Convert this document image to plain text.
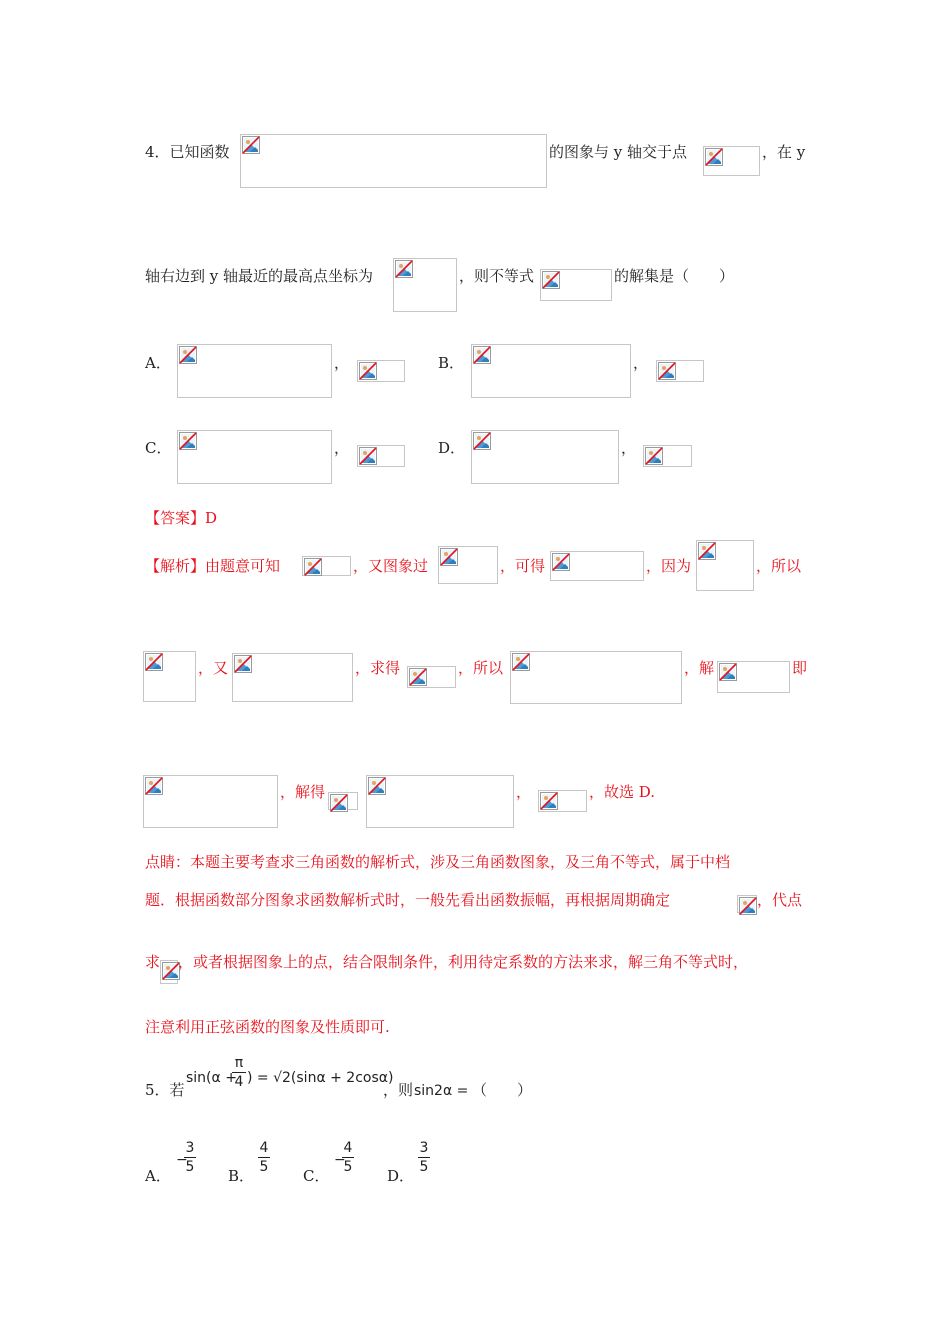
4．已知函数	的图象与 y 轴交于点	，在 y
轴右边到 y 轴最近的最高点坐标为	，则不等式	的解集是（　　）
A．	，	B．	，
C．	，	D．	，
【答案】D
【解析】由题意可知	，又图象过	，可得	，因为	，所以
，又	，求得	，所以	，解	即
，解得	，	，故选 D.
点睛：本题主要考查求三角函数的解析式，涉及三角函数图象，及三角不等式，属于中档
题．根据函数部分图象求函数解析式时，一般先看出函数振幅，再根据周期确定	，代点
求 ，或者根据图象上的点，结合限制条件，利用待定系数的方法来求，解三角不等式时，
注意利用正弦函数的图象及性质即可.
5．若
sin(α +
π
4 ) = √2(sinα + 2cosα)
，则 sin2α = （　　）
A．
−
3
5 B．
4
5 C．
−
4
5 D．
3
5
